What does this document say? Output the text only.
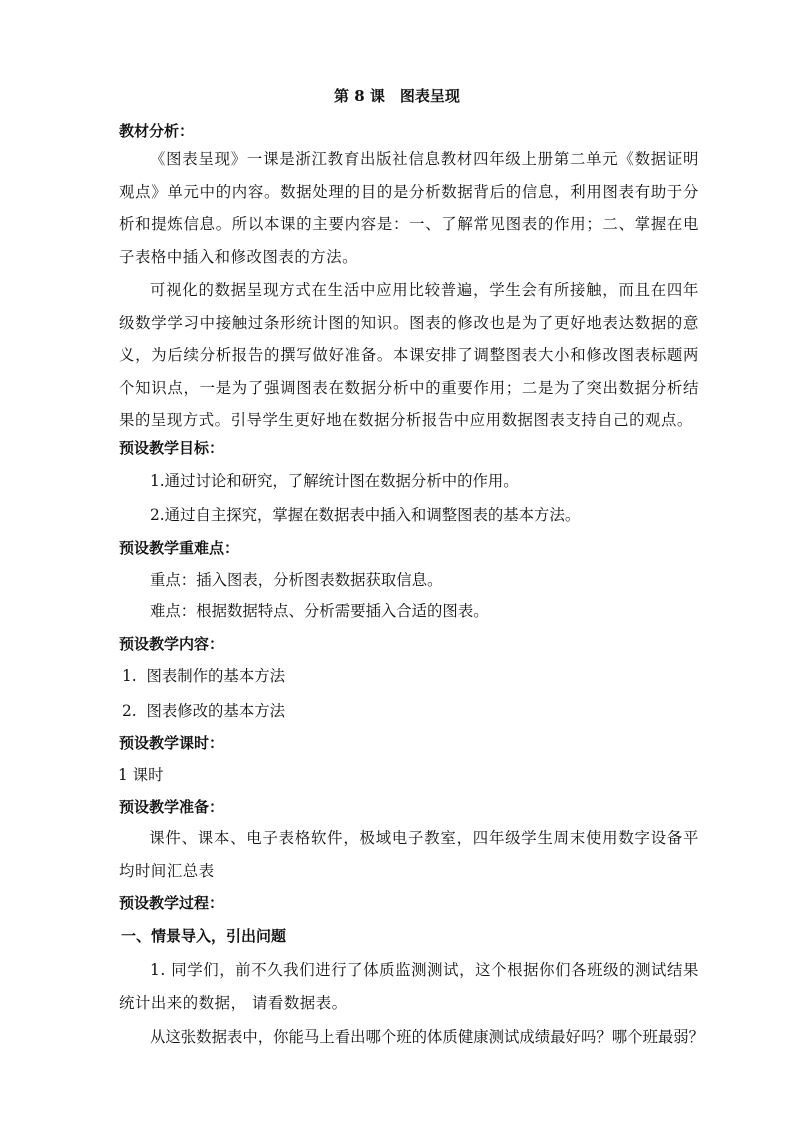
第 8 课　图表呈现
教材分析：
《图表呈现》一课是浙江教育出版社信息教材四年级上册第二单元《数据证明观点》单元中的内容。数据处理的目的是分析数据背后的信息，利用图表有助于分析和提炼信息。所以本课的主要内容是：一、了解常见图表的作用；二、掌握在电子表格中插入和修改图表的方法。
可视化的数据呈现方式在生活中应用比较普遍，学生会有所接触，而且在四年级数学学习中接触过条形统计图的知识。图表的修改也是为了更好地表达数据的意义，为后续分析报告的撰写做好准备。本课安排了调整图表大小和修改图表标题两个知识点，一是为了强调图表在数据分析中的重要作用；二是为了突出数据分析结果的呈现方式。引导学生更好地在数据分析报告中应用数据图表支持自己的观点。
预设教学目标：
1.通过讨论和研究，了解统计图在数据分析中的作用。
2.通过自主探究，掌握在数据表中插入和调整图表的基本方法。
预设教学重难点：
重点：插入图表，分析图表数据获取信息。
难点：根据数据特点、分析需要插入合适的图表。
预设教学内容：
1.  图表制作的基本方法
2.  图表修改的基本方法
预设教学课时：
1 课时
预设教学准备：
课件、课本、电子表格软件，极域电子教室，四年级学生周末使用数字设备平均时间汇总表
预设教学过程：
一、情景导入，引出问题
1. 同学们，前不久我们进行了体质监测测试，这个根据你们各班级的测试结果统计出来的数据， 请看数据表。
从这张数据表中，你能马上看出哪个班的体质健康测试成绩最好吗？哪个班最弱？
